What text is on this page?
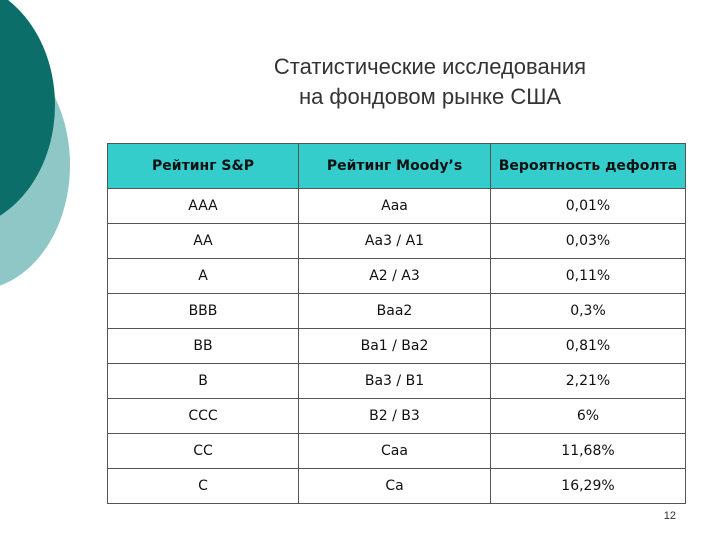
Статистические исследования
на фондовом рынке США
Рейтинг S&P	Рейтинг Moody’s	Вероятность дефолта
AAA	Aaa	0,01%
AA	Aa3 / A1	0,03%
A	A2 / A3	0,11%
BBB	Baa2	0,3%
BB	Ba1 / Ba2	0,81%
B	Ba3 / B1	2,21%
CCC	B2 / B3	6%
CC	Caa	11,68%
C	Ca	16,29%
12
